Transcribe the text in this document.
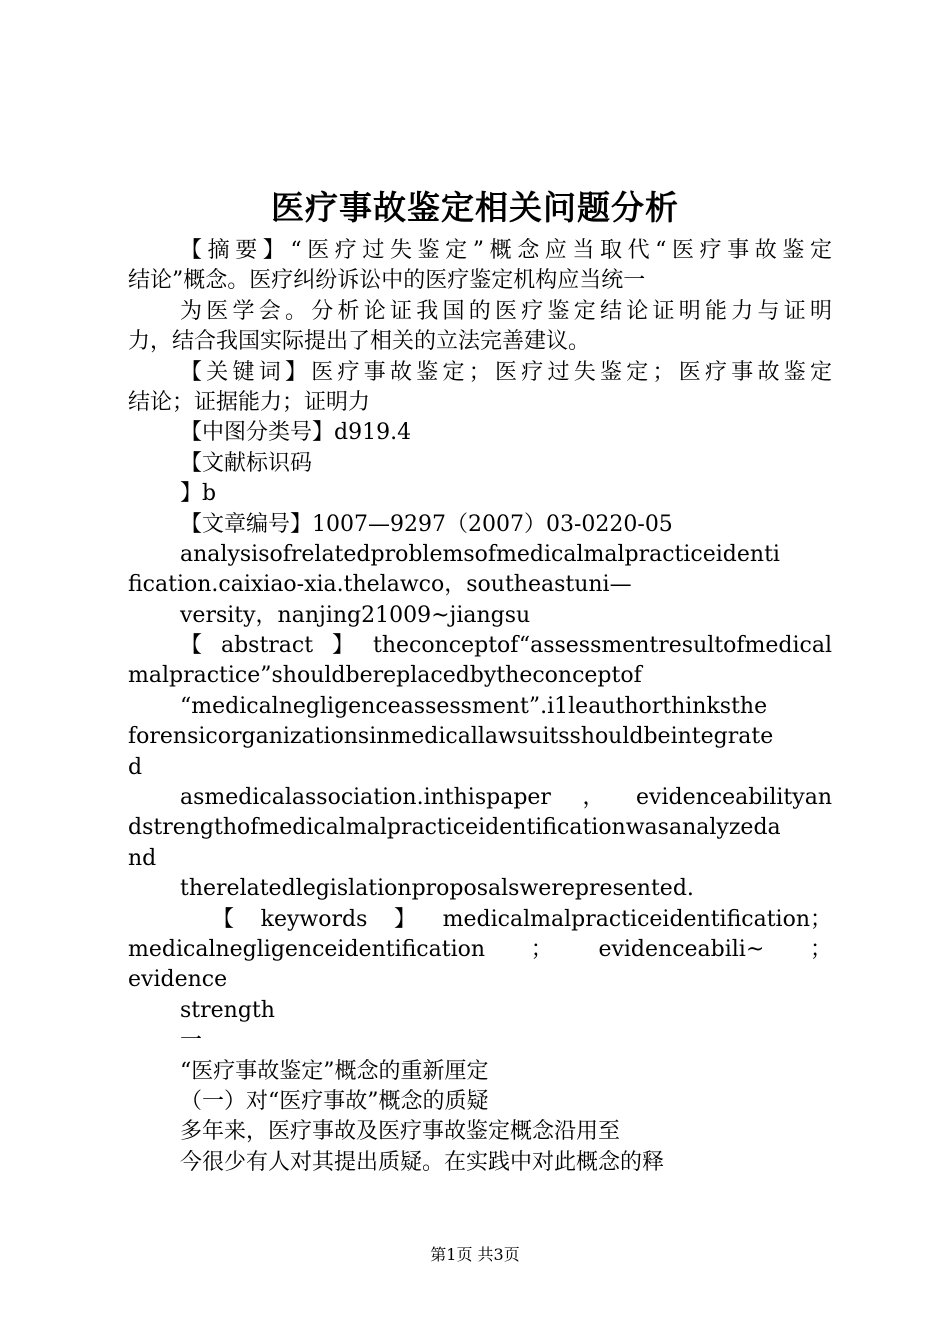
医疗事故鉴定相关问题分析
【摘要】“医疗过失鉴定”概念应当取代“医疗事故鉴定
结论”概念。医疗纠纷诉讼中的医疗鉴定机构应当统一
为医学会。分析论证我国的医疗鉴定结论证明能力与证明
力，结合我国实际提出了相关的立法完善建议。
【关键词】医疗事故鉴定；医疗过失鉴定；医疗事故鉴定
结论；证据能力；证明力
【中图分类号】d919.4
【文献标识码
】b
【文章编号】1007—9297（2007）03-0220-05
analysisofrelatedproblemsofmedicalmalpracticeidenti
fication.caixiao-xia.thelawco，southeastuni—
versity，nanjing21009~jiangsu
【abstract】theconceptof“assessmentresultofmedical
malpractice”shouldbereplacedbytheconceptof
“medicalnegligenceassessment”.i1leauthorthinksthe
forensicorganizationsinmedicallawsuitsshouldbeintegrate
d
asmedicalassociation.inthispaper，evidenceabilityan
dstrengthofmedicalmalpracticeidentificationwasanalyzeda
nd
therelatedlegislationproposalswerepresented.
【keywords】medicalmalpracticeidentification；
medicalnegligenceidentification ； evidenceabili~ ；
evidence
strength
一
“医疗事故鉴定”概念的重新厘定
（一）对“医疗事故”概念的质疑
多年来，医疗事故及医疗事故鉴定概念沿用至
今很少有人对其提出质疑。在实践中对此概念的释
第1页 共3页
